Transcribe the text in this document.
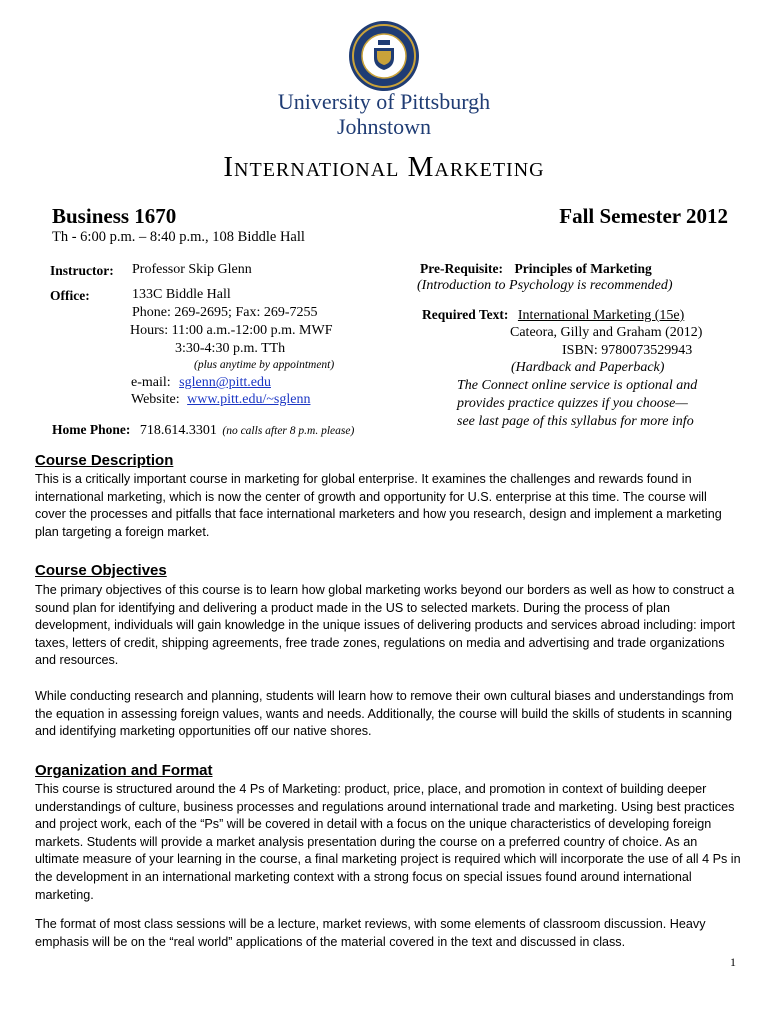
University of Pittsburgh
Johnstown
International Marketing
Business 1670	Fall Semester 2012
Th - 6:00 p.m. – 8:40 p.m., 108 Biddle Hall
Instructor: Professor Skip Glenn
Office:	133C Biddle Hall
Phone: 269-2695; Fax: 269-7255
Hours: 11:00 a.m.-12:00 p.m. MWF
3:30-4:30 p.m. TTh
(plus anytime by appointment)
e-mail: sglenn@pitt.edu
Website: www.pitt.edu/~sglenn
Home Phone: 718.614.3301 (no calls after 8 p.m. please)
Pre-Requisite: Principles of Marketing
(Introduction to Psychology is recommended)
Required Text: International Marketing (15e)
Cateora, Gilly and Graham (2012)
ISBN: 9780073529943
(Hardback and Paperback)
The Connect online service is optional and
provides practice quizzes if you choose—
see last page of this syllabus for more info
Course Description
This is a critically important course in marketing for global enterprise. It examines the challenges and rewards found in international marketing, which is now the center of growth and opportunity for U.S. enterprise at this time. The course will cover the processes and pitfalls that face international marketers and how you research, design and implement a marketing plan targeting a foreign market.
Course Objectives
The primary objectives of this course is to learn how global marketing works beyond our borders as well as how to construct a sound plan for identifying and delivering a product made in the US to selected markets. During the process of plan development, individuals will gain knowledge in the unique issues of delivering products and services abroad including: import taxes, letters of credit, shipping agreements, free trade zones, regulations on media and advertising and trade organizations and resources.
While conducting research and planning, students will learn how to remove their own cultural biases and understandings from the equation in assessing foreign values, wants and needs. Additionally, the course will build the skills of students in scanning and identifying marketing opportunities off our native shores.
Organization and Format
This course is structured around the 4 Ps of Marketing: product, price, place, and promotion in context of building deeper understandings of culture, business processes and regulations around international trade and marketing. Using best practices and project work, each of the “Ps” will be covered in detail with a focus on the unique characteristics of developing foreign markets. Students will provide a market analysis presentation during the course on a preferred country of choice. As an ultimate measure of your learning in the course, a final marketing project is required which will incorporate the use of all 4 Ps in the development in an international marketing context with a strong focus on special issues found around international marketing.
The format of most class sessions will be a lecture, market reviews, with some elements of classroom discussion. Heavy emphasis will be on the “real world” applications of the material covered in the text and discussed in class.
1
